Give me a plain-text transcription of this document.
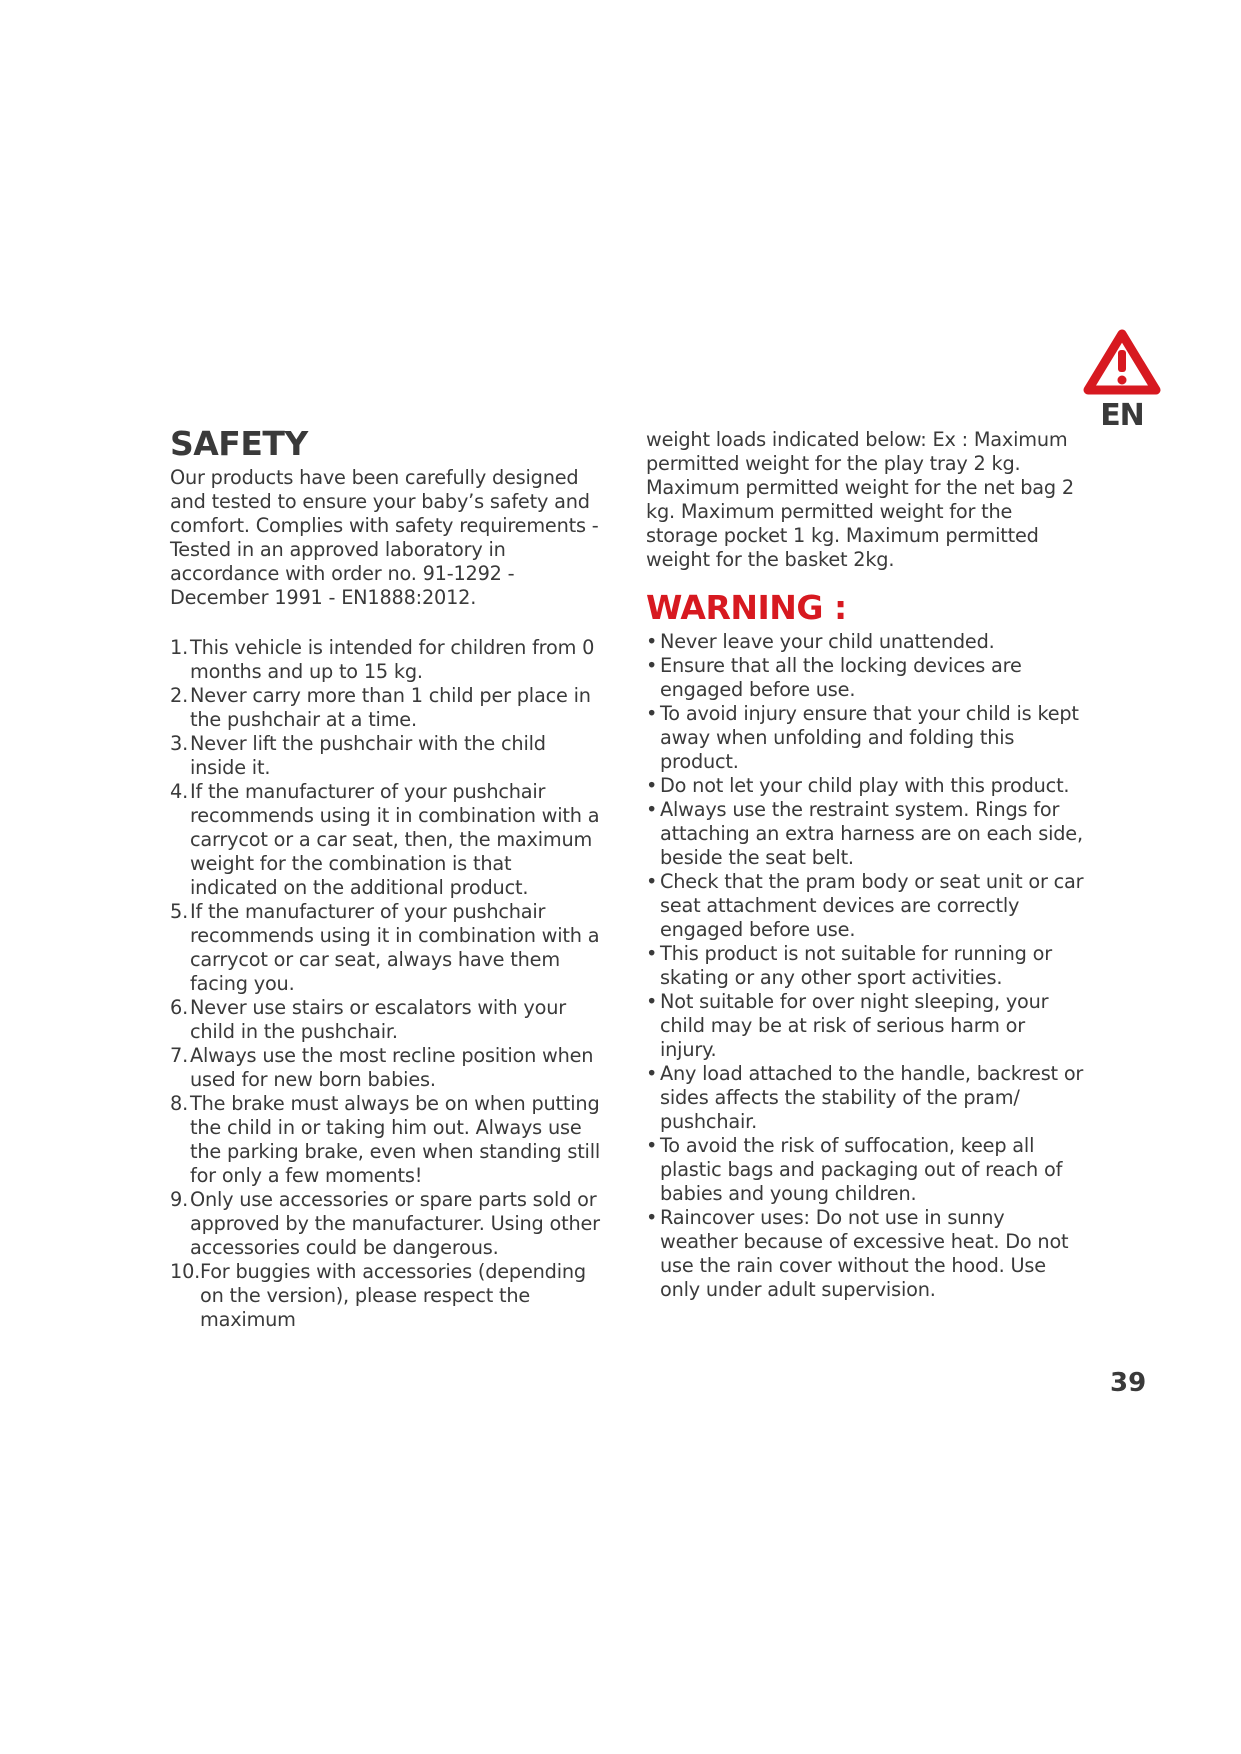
EN
SAFETY

Our products have been carefully designed and tested to ensure your baby’s safety and comfort. Complies with safety requirements - Tested in an approved laboratory in accordance with order no. 91-1292 - December 1991 - EN1888:2012.

1. This vehicle is intended for children from 0 months and up to 15 kg.
2. Never carry more than 1 child per place in the pushchair at a time.
3. Never lift the pushchair with the child inside it.
4. If the manufacturer of your pushchair recommends using it in combination with a carrycot or a car seat, then, the maximum weight for the combination is that indicated on the additional product.
5. If the manufacturer of your pushchair recommends using it in combination with a carrycot or car seat, always have them facing you.
6. Never use stairs or escalators with your child in the pushchair.
7. Always use the most recline position when used for new born babies.
8. The brake must always be on when putting the child in or taking him out. Always use the parking brake, even when standing still for only a few moments!
9. Only use accessories or spare parts sold or approved by the manufacturer. Using other accessories could be dangerous.
10. For buggies with accessories (depending on the version), please respect the maximum

weight loads indicated below: Ex : Maximum permitted weight for the play tray 2 kg. Maximum permitted weight for the net bag 2 kg. Maximum permitted weight for the storage pocket 1 kg. Maximum permitted weight for the basket 2kg.

WARNING :
• Never leave your child unattended.
• Ensure that all the locking devices are engaged before use.
• To avoid injury ensure that your child is kept away when unfolding and folding this product.
• Do not let your child play with this product.
• Always use the restraint system. Rings for attaching an extra harness are on each side, beside the seat belt.
• Check that the pram body or seat unit or car seat attachment devices are correctly engaged before use.
• This product is not suitable for running or skating or any other sport activities.
• Not suitable for over night sleeping, your child may be at risk of serious harm or injury.
• Any load attached to the handle, backrest or sides affects the stability of the pram/ pushchair.
• To avoid the risk of suffocation, keep all plastic bags and packaging out of reach of babies and young children.
• Raincover uses: Do not use in sunny weather because of excessive heat. Do not use the rain cover without the hood. Use only under adult supervision.
39
